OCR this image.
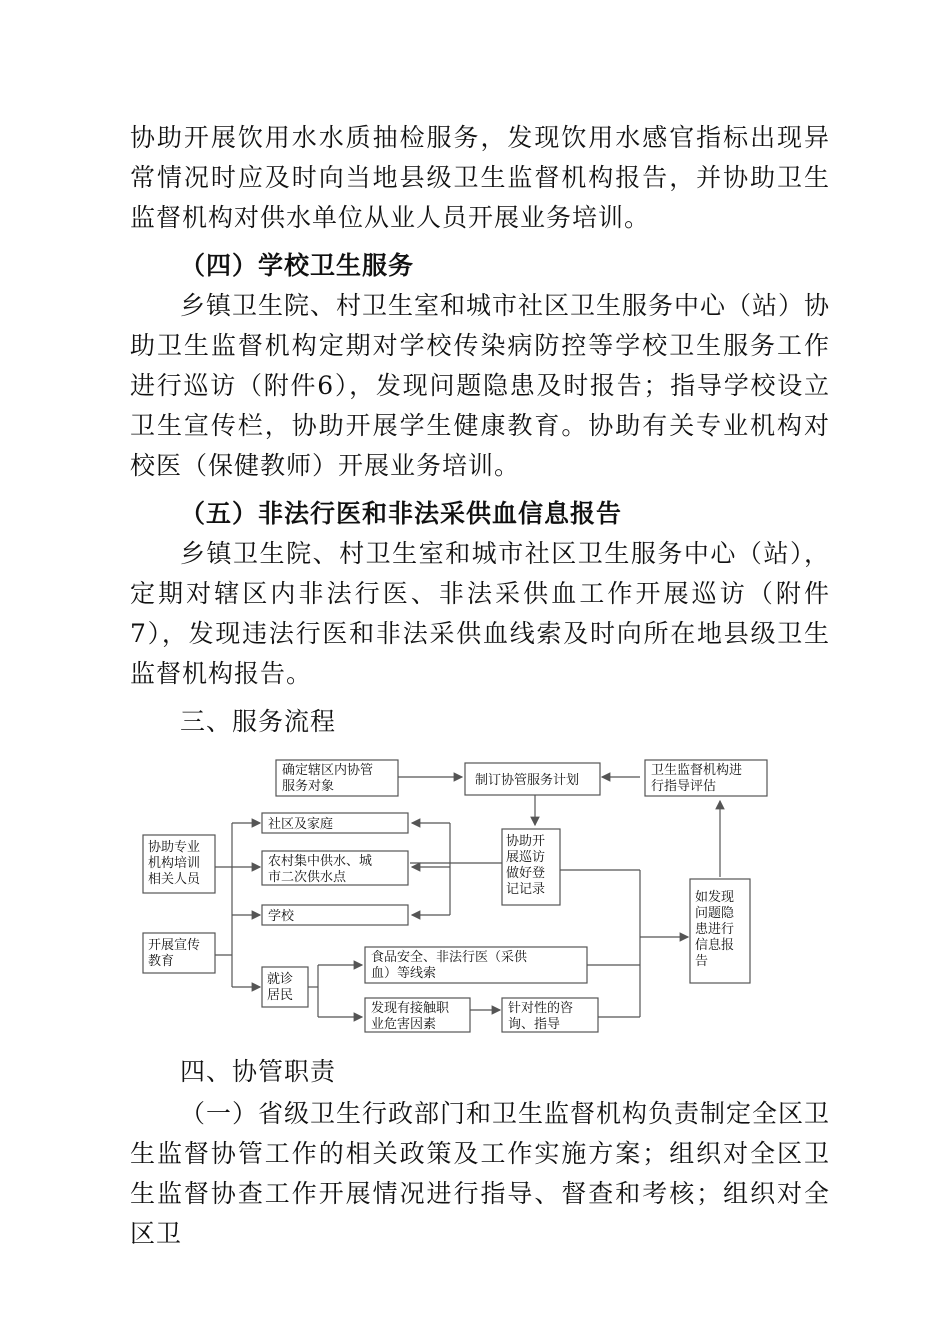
协助开展饮用水水质抽检服务，发现饮用水感官指标出现异常情况时应及时向当地县级卫生监督机构报告，并协助卫生监督机构对供水单位从业人员开展业务培训。

（四）学校卫生服务

乡镇卫生院、村卫生室和城市社区卫生服务中心（站）协助卫生监督机构定期对学校传染病防控等学校卫生服务工作进行巡访（附件6），发现问题隐患及时报告；指导学校设立卫生宣传栏，协助开展学生健康教育。协助有关专业机构对校医（保健教师）开展业务培训。

（五）非法行医和非法采供血信息报告

乡镇卫生院、村卫生室和城市社区卫生服务中心（站），定期对辖区内非法行医、非法采供血工作开展巡访（附件7），发现违法行医和非法采供血线索及时向所在地县级卫生监督机构报告。

三、服务流程

确定辖区内协管
服务对象	制订协管服务计划
卫生监督机构进
行指导评估
社区及家庭
协助专业
机构培训
相关人员
农村集中供水、城
市二次供水点
协助开
展巡访
做好登
记记录
学校
如发现
问题隐
患进行
信息报
告
开展宣传
教育
就诊
居民
食品安全、非法行医（采供
血）等线索
发现有接触职
业危害因素
针对性的咨
询、指导

四、协管职责

（一）省级卫生行政部门和卫生监督机构负责制定全区卫生监督协管工作的相关政策及工作实施方案；组织对全区卫生监督协查工作开展情况进行指导、督查和考核；组织对全区卫
